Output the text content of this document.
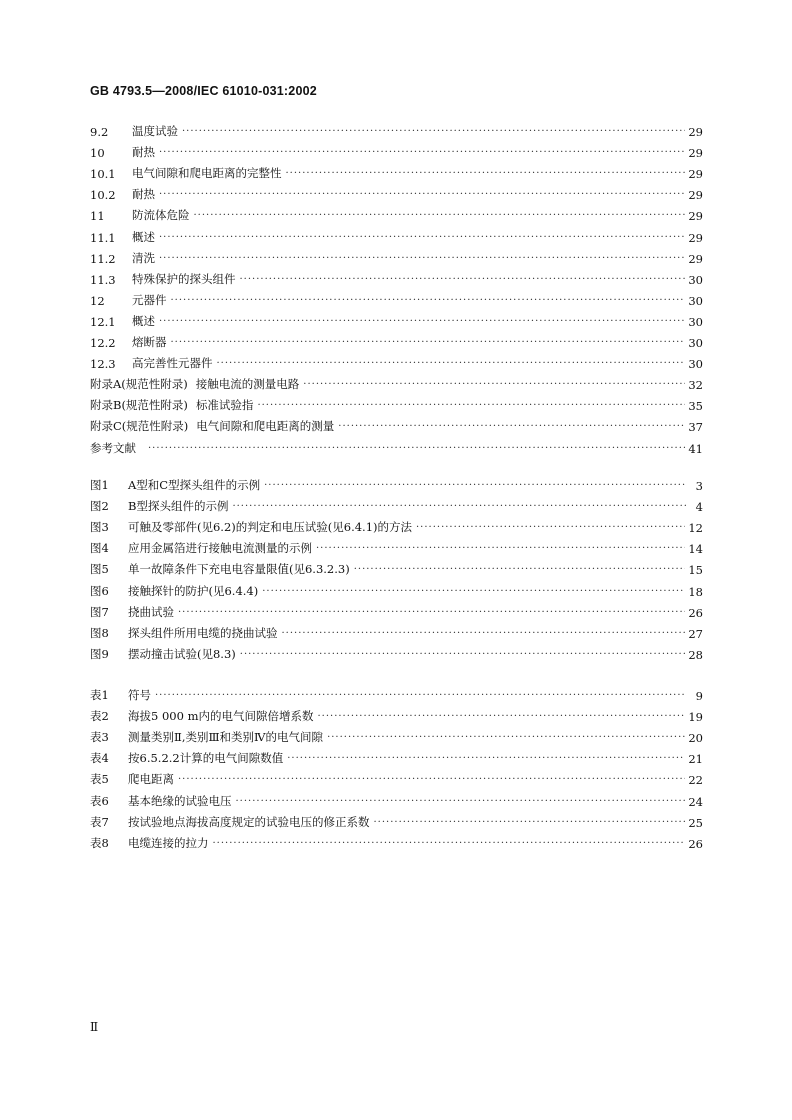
GB 4793.5—2008/IEC 61010-031:2002
9.2	温度试验 ·····	29
10	耐热 ·····	29
10.1	电气间隙和爬电距离的完整性 ·····	29
10.2	耐热 ·····	29
11	防流体危险 ·····	29
11.1	概述 ·····	29
11.2	清洗 ·····	29
11.3	特殊保护的探头组件 ·····	30
12	元器件 ·····	30
12.1	概述 ·····	30
12.2	熔断器 ·····	30
12.3	高完善性元器件 ·····	30
附录A(规范性附录) 接触电流的测量电路 ·····	32
附录B(规范性附录) 标准试验指 ·····	35
附录C(规范性附录) 电气间隙和爬电距离的测量 ·····	37
参考文献 ·····	41
图1	A型和C型探头组件的示例 ·····	3
图2	B型探头组件的示例 ·····	4
图3	可触及零部件(见6.2)的判定和电压试验(见6.4.1)的方法 ·····	12
图4	应用金属箔进行接触电流测量的示例 ·····	14
图5	单一故障条件下充电电容量限值(见6.3.2.3) ·····	15
图6	接触探针的防护(见6.4.4) ·····	18
图7	挠曲试验 ·····	26
图8	探头组件所用电缆的挠曲试验 ·····	27
图9	摆动撞击试验(见8.3) ·····	28
表1	符号 ·····	9
表2	海拔5 000 m内的电气间隙倍增系数 ·····	19
表3	测量类别Ⅱ,类别Ⅲ和类别Ⅳ的电气间隙 ·····	20
表4	按6.5.2.2计算的电气间隙数值 ·····	21
表5	爬电距离 ·····	22
表6	基本绝缘的试验电压 ·····	24
表7	按试验地点海拔高度规定的试验电压的修正系数 ·····	25
表8	电缆连接的拉力 ·····	26
Ⅱ
